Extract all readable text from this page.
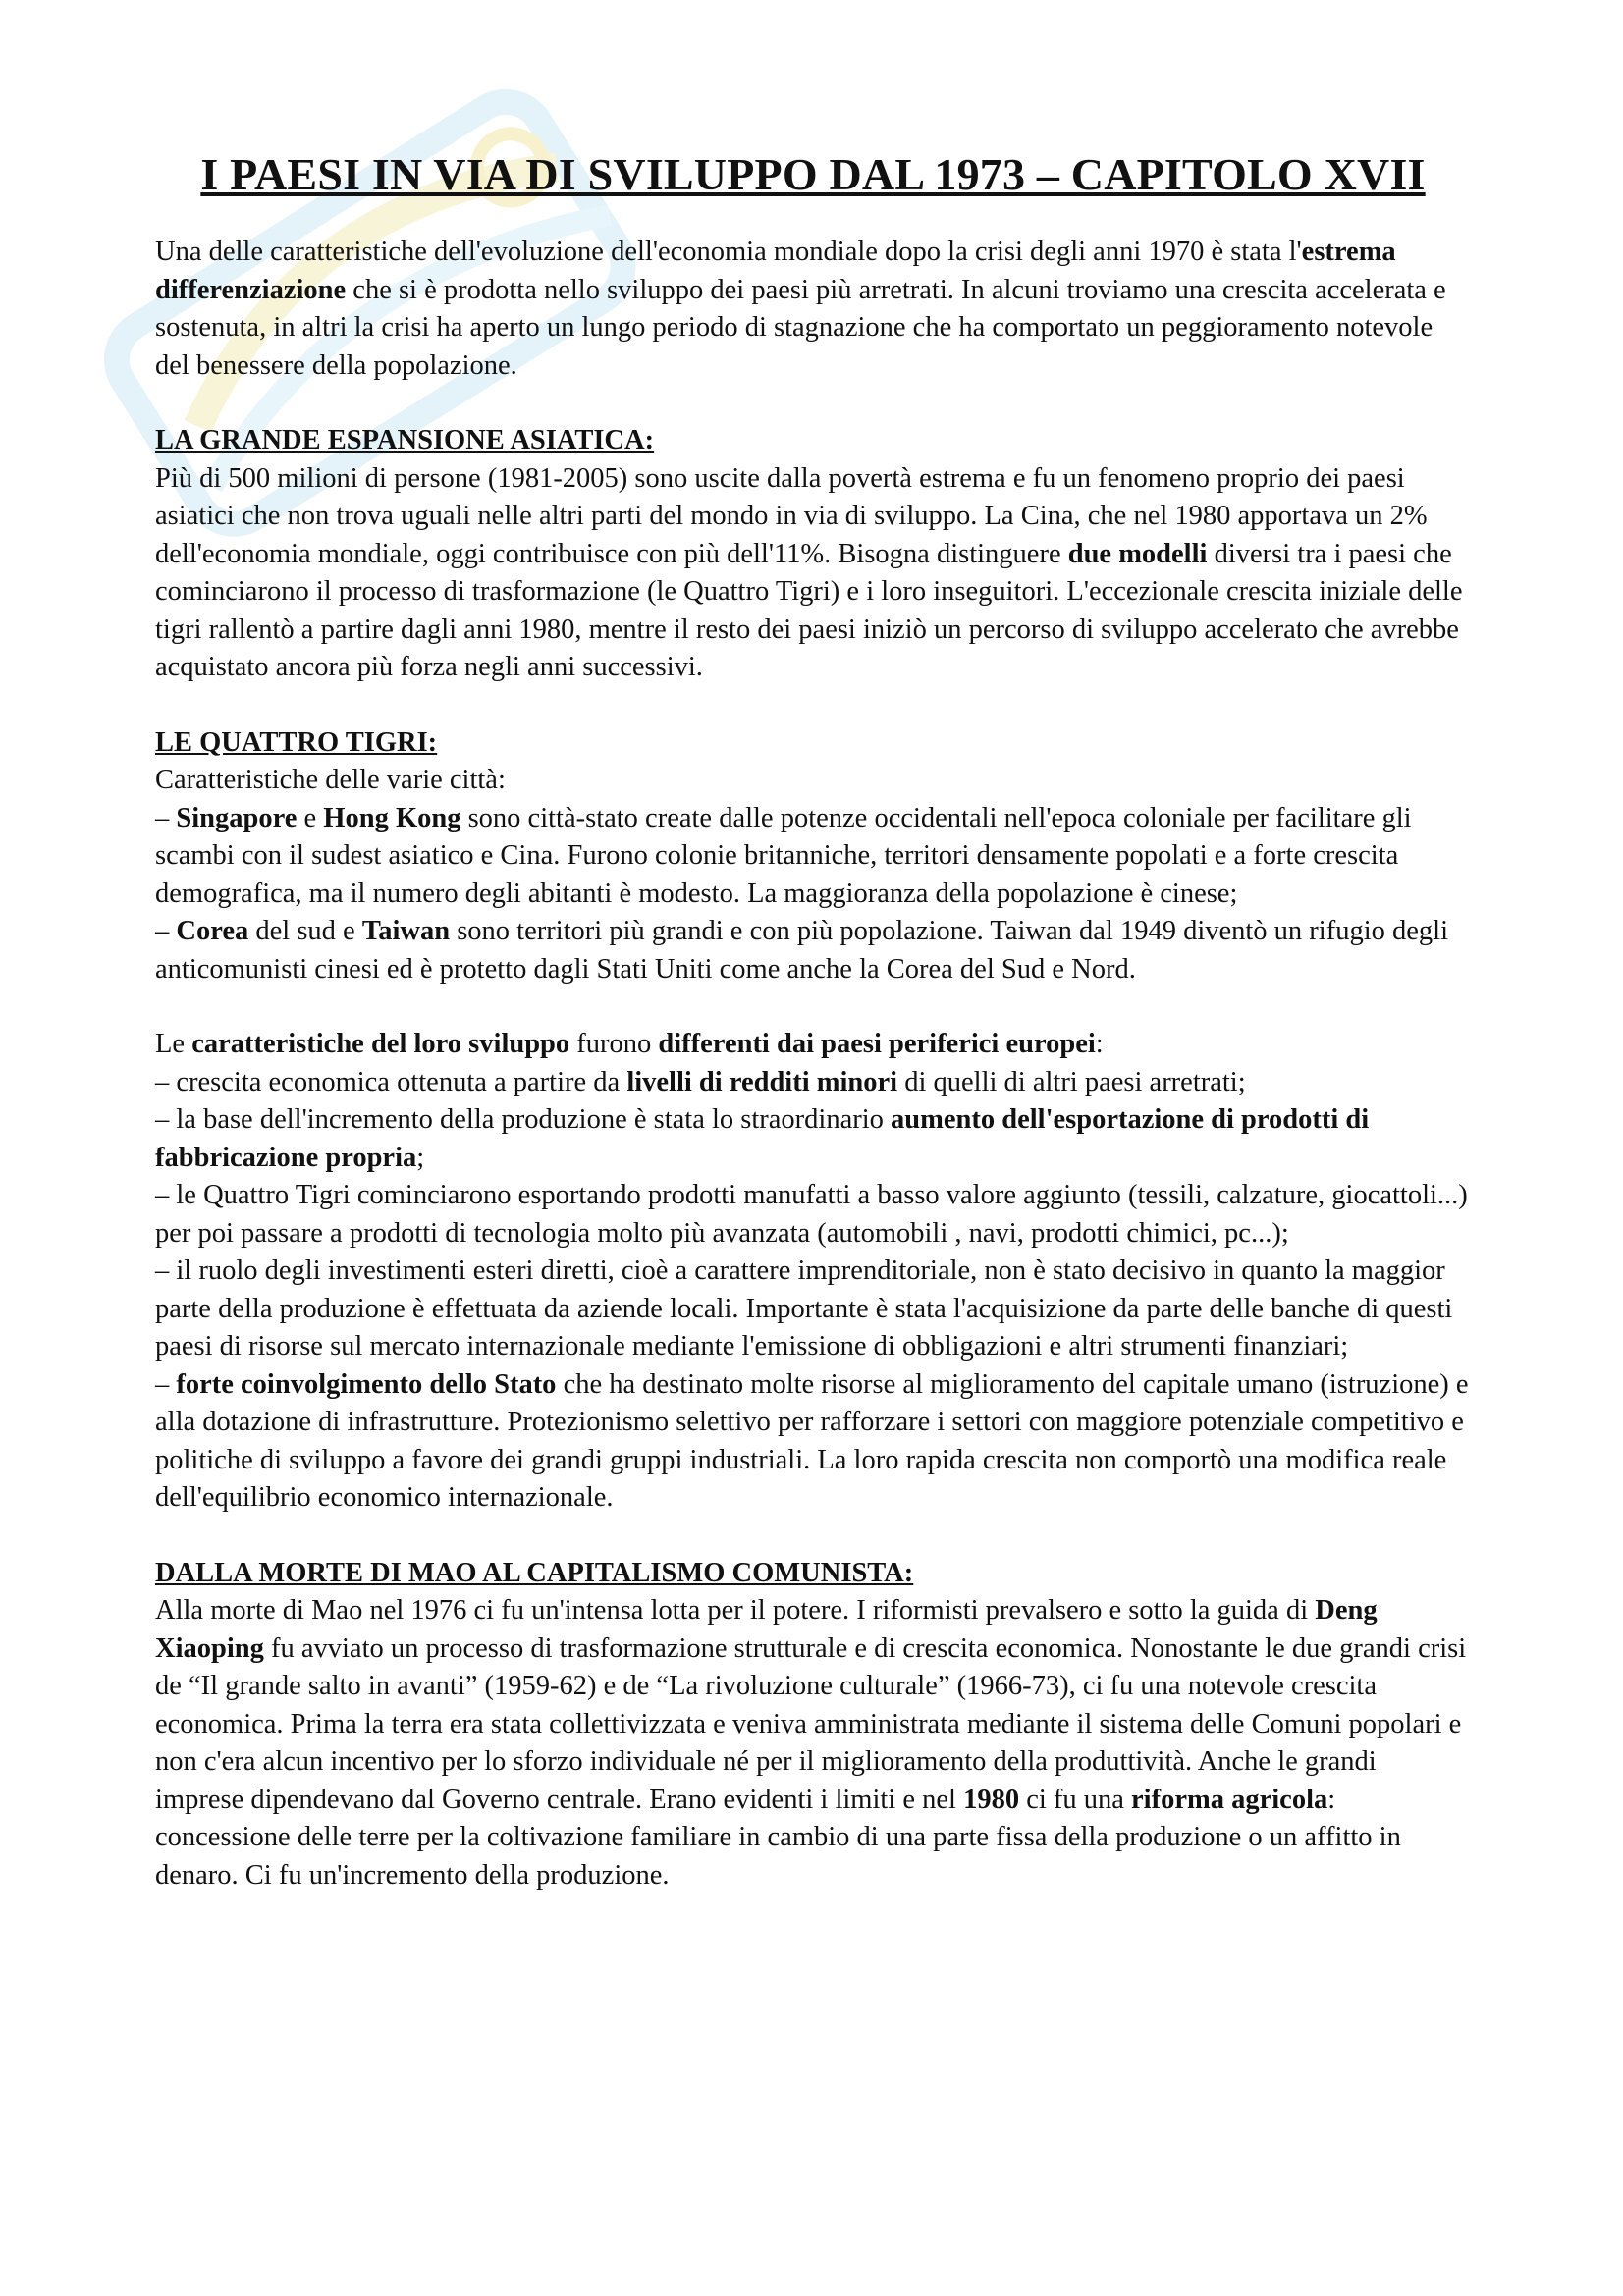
I PAESI IN VIA DI SVILUPPO DAL 1973 – CAPITOLO XVII

Una delle caratteristiche dell'evoluzione dell'economia mondiale dopo la crisi degli anni 1970 è stata l'estrema differenziazione che si è prodotta nello sviluppo dei paesi più arretrati. In alcuni troviamo una crescita accelerata e sostenuta, in altri la crisi ha aperto un lungo periodo di stagnazione che ha comportato un peggioramento notevole del benessere della popolazione.

LA GRANDE ESPANSIONE ASIATICA:

Più di 500 milioni di persone (1981-2005) sono uscite dalla povertà estrema e fu un fenomeno proprio dei paesi asiatici che non trova uguali nelle altri parti del mondo in via di sviluppo. La Cina, che nel 1980 apportava un 2% dell'economia mondiale, oggi contribuisce con più dell'11%. Bisogna distinguere due modelli diversi tra i paesi che cominciarono il processo di trasformazione (le Quattro Tigri) e i loro inseguitori. L'eccezionale crescita iniziale delle tigri rallentò a partire dagli anni 1980, mentre il resto dei paesi iniziò un percorso di sviluppo accelerato che avrebbe acquistato ancora più forza negli anni successivi.

LE QUATTRO TIGRI:

Caratteristiche delle varie città:

– Singapore e Hong Kong sono città-stato create dalle potenze occidentali nell'epoca coloniale per facilitare gli scambi con il sudest asiatico e Cina. Furono colonie britanniche, territori densamente popolati e a forte crescita demografica, ma il numero degli abitanti è modesto. La maggioranza della popolazione è cinese;

– Corea del sud e Taiwan sono territori più grandi e con più popolazione. Taiwan dal 1949 diventò un rifugio degli anticomunisti cinesi ed è protetto dagli Stati Uniti come anche la Corea del Sud e Nord.

Le caratteristiche del loro sviluppo furono differenti dai paesi periferici europei:

– crescita economica ottenuta a partire da livelli di redditi minori di quelli di altri paesi arretrati;

– la base dell'incremento della produzione è stata lo straordinario aumento dell'esportazione di prodotti di fabbricazione propria;

– le Quattro Tigri cominciarono esportando prodotti manufatti a basso valore aggiunto (tessili, calzature, giocattoli...) per poi passare a prodotti di tecnologia molto più avanzata (automobili , navi, prodotti chimici, pc...);

– il ruolo degli investimenti esteri diretti, cioè a carattere imprenditoriale, non è stato decisivo in quanto la maggior parte della produzione è effettuata da aziende locali. Importante è stata l'acquisizione da parte delle banche di questi paesi di risorse sul mercato internazionale mediante l'emissione di obbligazioni e altri strumenti finanziari;

– forte coinvolgimento dello Stato che ha destinato molte risorse al miglioramento del capitale umano (istruzione) e alla dotazione di infrastrutture. Protezionismo selettivo per rafforzare i settori con maggiore potenziale competitivo e politiche di sviluppo a favore dei grandi gruppi industriali. La loro rapida crescita non comportò una modifica reale dell'equilibrio economico internazionale.

DALLA MORTE DI MAO AL CAPITALISMO COMUNISTA:

Alla morte di Mao nel 1976 ci fu un'intensa lotta per il potere. I riformisti prevalsero e sotto la guida di Deng Xiaoping fu avviato un processo di trasformazione strutturale e di crescita economica. Nonostante le due grandi crisi de “Il grande salto in avanti” (1959-62) e de “La rivoluzione culturale” (1966-73), ci fu una notevole crescita economica. Prima la terra era stata collettivizzata e veniva amministrata mediante il sistema delle Comuni popolari e non c'era alcun incentivo per lo sforzo individuale né per il miglioramento della produttività. Anche le grandi imprese dipendevano dal Governo centrale. Erano evidenti i limiti e nel 1980 ci fu una riforma agricola: concessione delle terre per la coltivazione familiare in cambio di una parte fissa della produzione o un affitto in denaro. Ci fu un'incremento della produzione.
